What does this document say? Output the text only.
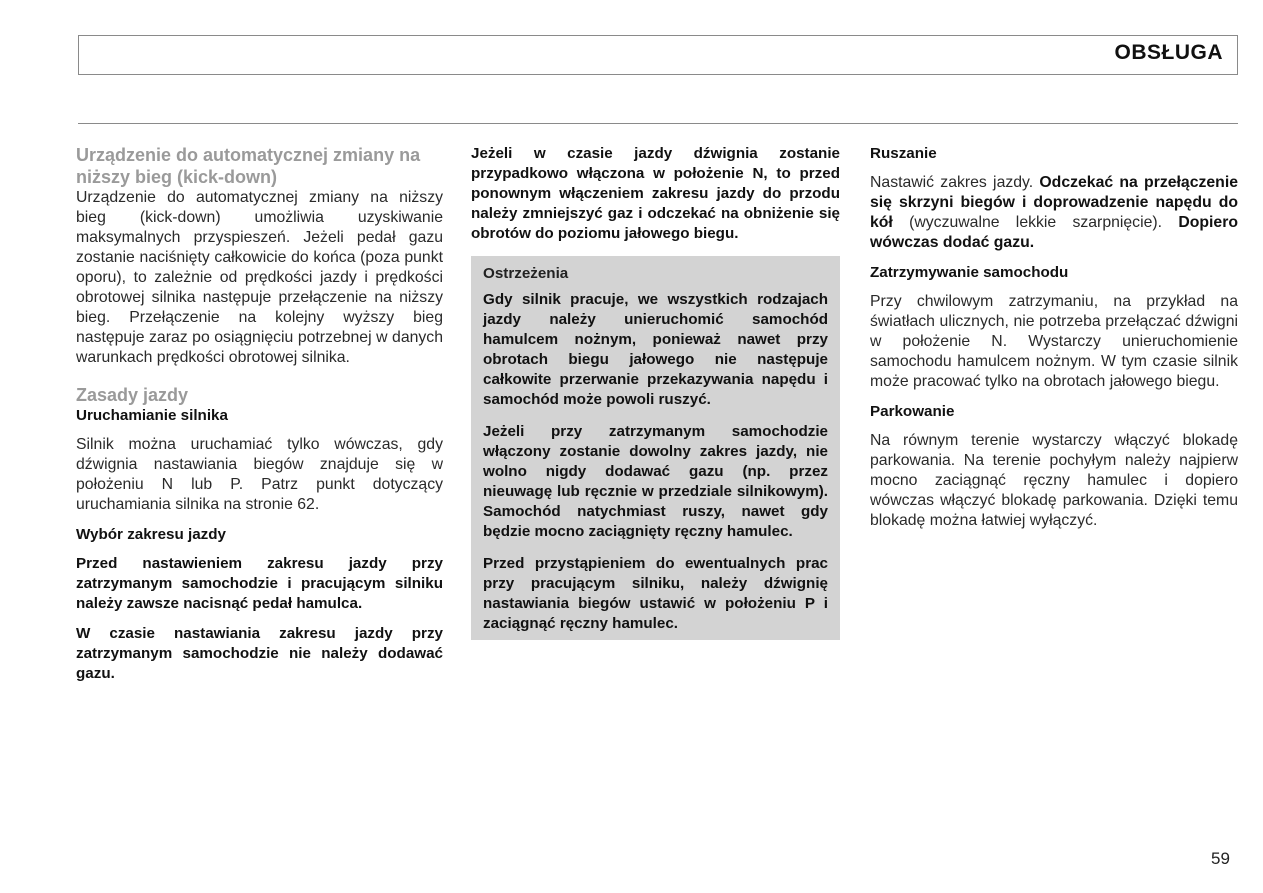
OBSŁUGA

Urządzenie do automatycznej zmiany na niższy bieg (kick-down)

Urządzenie do automatycznej zmiany na niższy bieg (kick-down) umożliwia uzyskiwanie maksymalnych przyspieszeń. Jeżeli pedał gazu zostanie naciśnięty całkowicie do końca (poza punkt oporu), to zależnie od prędkości jazdy i prędkości obrotowej silnika następuje przełączenie na niższy bieg. Przełączenie na kolejny wyższy bieg następuje zaraz po osiągnięciu potrzebnej w danych warunkach prędkości obrotowej silnika.

Zasady jazdy

Uruchamianie silnika

Silnik można uruchamiać tylko wówczas, gdy dźwignia nastawiania biegów znajduje się w położeniu N lub P. Patrz punkt dotyczący uruchamiania silnika na stronie 62.

Wybór zakresu jazdy

Przed nastawieniem zakresu jazdy przy zatrzymanym samochodzie i pracującym silniku należy zawsze nacisnąć pedał hamulca.

W czasie nastawiania zakresu jazdy przy zatrzymanym samochodzie nie należy dodawać gazu.

Jeżeli w czasie jazdy dźwignia zostanie przypadkowo włączona w położenie N, to przed ponownym włączeniem zakresu jazdy do przodu należy zmniejszyć gaz i odczekać na obniżenie się obrotów do poziomu jałowego biegu.

Ostrzeżenia

Gdy silnik pracuje, we wszystkich rodzajach jazdy należy unieruchomić samochód hamulcem nożnym, ponieważ nawet przy obrotach biegu jałowego nie następuje całkowite przerwanie przekazywania napędu i samochód może powoli ruszyć.

Jeżeli przy zatrzymanym samochodzie włączony zostanie dowolny zakres jazdy, nie wolno nigdy dodawać gazu (np. przez nieuwagę lub ręcznie w przedziale silnikowym). Samochód natychmiast ruszy, nawet gdy będzie mocno zaciągnięty ręczny hamulec.

Przed przystąpieniem do ewentualnych prac przy pracującym silniku, należy dźwignię nastawiania biegów ustawić w położeniu P i zaciągnąć ręczny hamulec.

Ruszanie

Nastawić zakres jazdy. Odczekać na przełączenie się skrzyni biegów i doprowadzenie napędu do kół (wyczuwalne lekkie szarpnięcie). Dopiero wówczas dodać gazu.

Zatrzymywanie samochodu

Przy chwilowym zatrzymaniu, na przykład na światłach ulicznych, nie potrzeba przełączać dźwigni w położenie N. Wystarczy unieruchomienie samochodu hamulcem nożnym. W tym czasie silnik może pracować tylko na obrotach jałowego biegu.

Parkowanie

Na równym terenie wystarczy włączyć blokadę parkowania. Na terenie pochyłym należy najpierw mocno zaciągnąć ręczny hamulec i dopiero wówczas włączyć blokadę parkowania. Dzięki temu blokadę można łatwiej wyłączyć.

59
